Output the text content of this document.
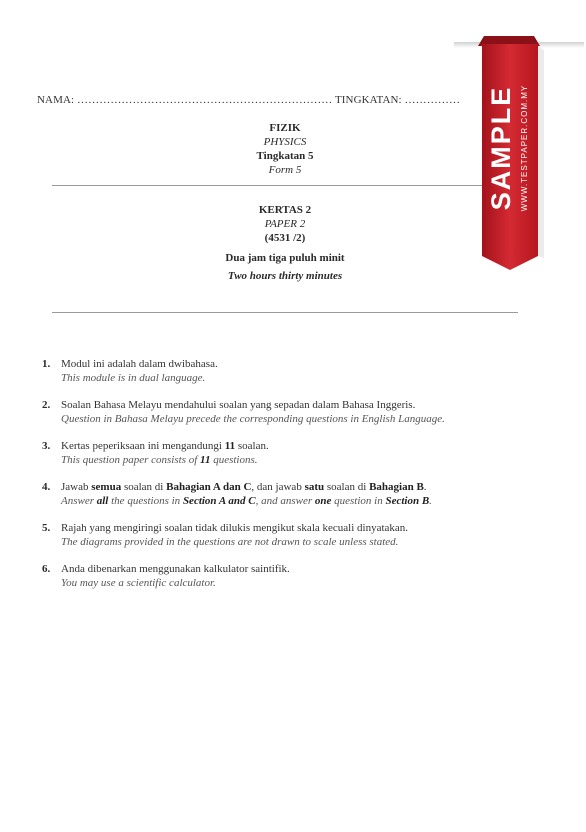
NAMA: …………………………………………………………… TINGKATAN: ……………
FIZIK
PHYSICS
Tingkatan 5
Form 5
KERTAS 2
PAPER 2
(4531 /2)
Dua jam tiga puluh minit
Two hours thirty minutes
1. Modul ini adalah dalam dwibahasa.
This module is in dual language.
2. Soalan Bahasa Melayu mendahului soalan yang sepadan dalam Bahasa Inggeris.
Question in Bahasa Melayu precede the corresponding questions in English Language.
3. Kertas peperiksaan ini mengandungi 11 soalan.
This question paper consists of 11 questions.
4. Jawab semua soalan di Bahagian A dan C, dan jawab satu soalan di Bahagian B.
Answer all the questions in Section A and C, and answer one question in Section B.
5. Rajah yang mengiringi soalan tidak dilukis mengikut skala kecuali dinyatakan.
The diagrams provided in the questions are not drawn to scale unless stated.
6. Anda dibenarkan menggunakan kalkulator saintifik.
You may use a scientific calculator.
SAMPLE WWW.TESTPAPER.COM.MY
